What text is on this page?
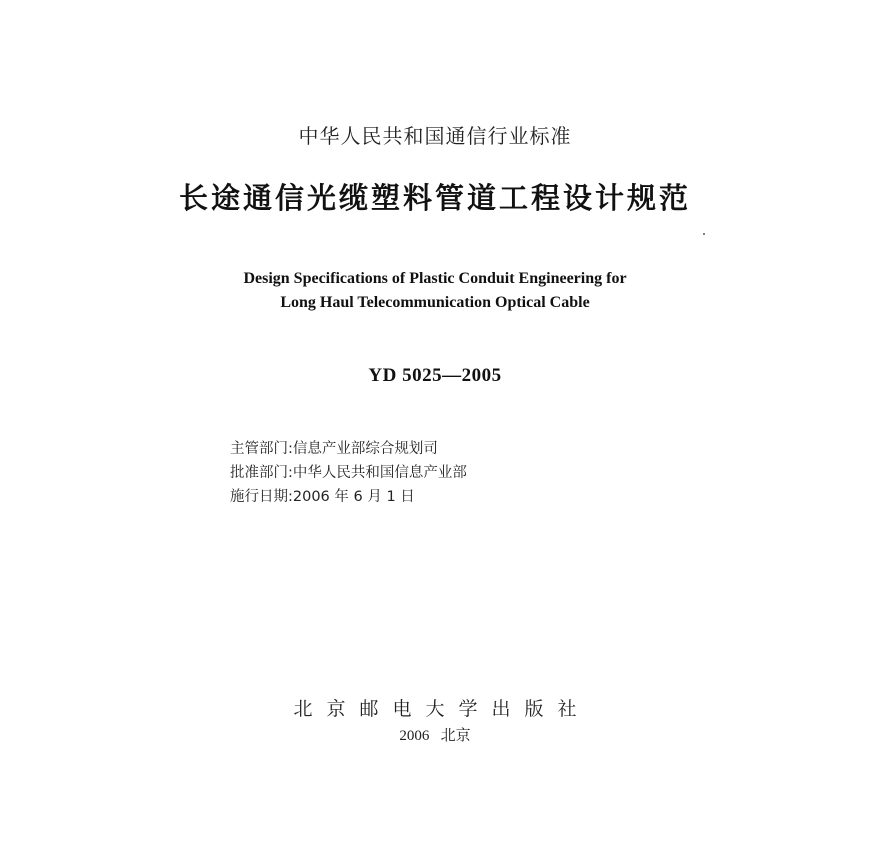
中华人民共和国通信行业标准
长途通信光缆塑料管道工程设计规范
Design Specifications of Plastic Conduit Engineering for
Long Haul Telecommunication Optical Cable
YD 5025—2005
主管部门:信息产业部综合规划司
批准部门:中华人民共和国信息产业部
施行日期:2006 年 6 月 1 日
北京邮电大学出版社
2006   北京
